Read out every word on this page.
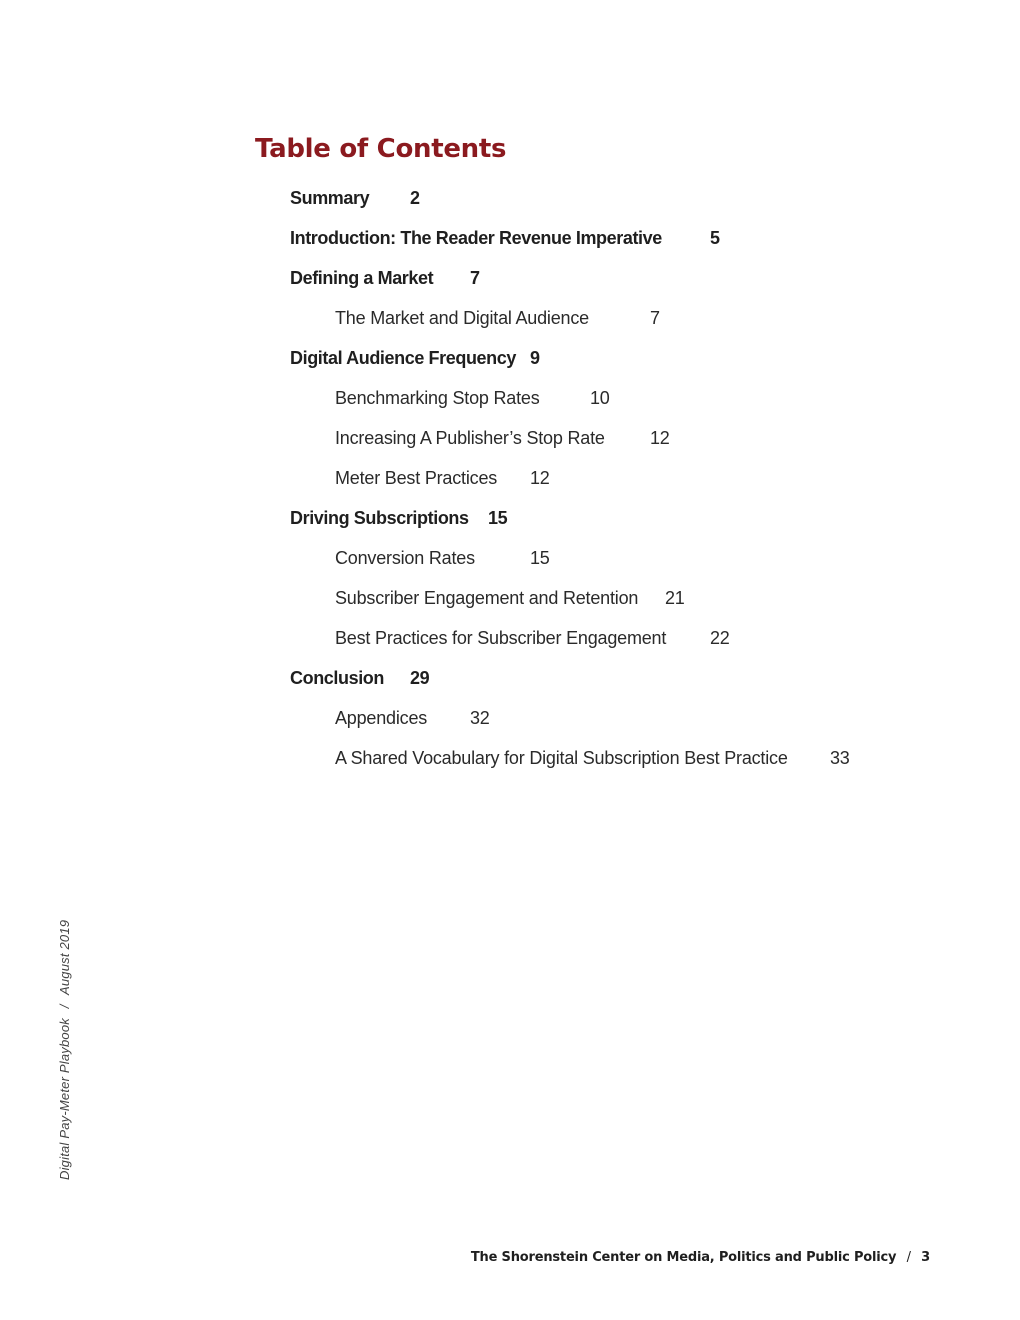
Table of Contents
Summary 2
Introduction: The Reader Revenue Imperative	5
Defining a Market 7
The Market and Digital Audience	7
Digital Audience Frequency 9
Benchmarking Stop Rates	10
Increasing A Publisher’s Stop Rate	12
Meter Best Practices 12
Driving Subscriptions 15
Conversion Rates	15
Subscriber Engagement and Retention 21
Best Practices for Subscriber Engagement 22
Conclusion 29
Appendices 32
A Shared Vocabulary for Digital Subscription Best Practice 33
Digital Pay-Meter Playbook / August 2019
The Shorenstein Center on Media, Politics and Public Policy / 3
